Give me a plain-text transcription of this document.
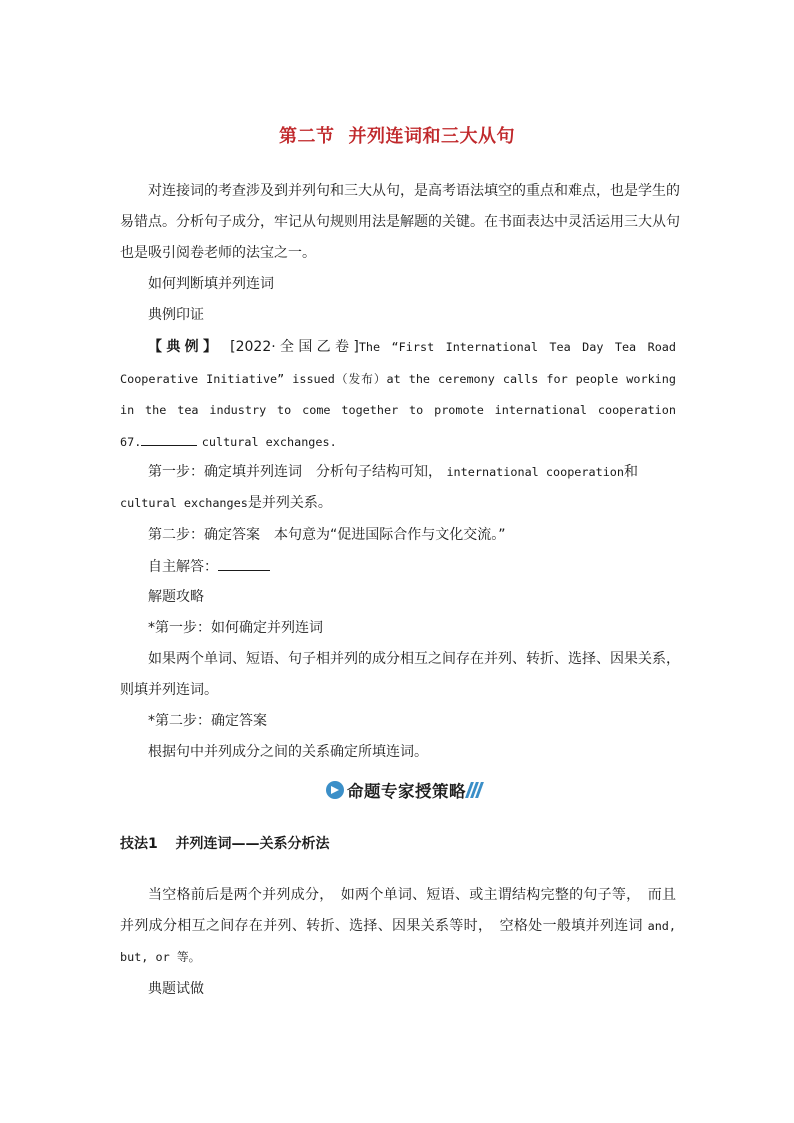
第二节 并列连词和三大从句
对连接词的考查涉及到并列句和三大从句，是高考语法填空的重点和难点，也是学生的
易错点。分析句子成分，牢记从句规则用法是解题的关键。在书面表达中灵活运用三大从句
也是吸引阅卷老师的法宝之一。
如何判断填并列连词
典例印证
【典例】 [2022·全国乙卷]The “First International Tea Day Tea Road
Cooperative Initiative” issued（发布）at the ceremony calls for people working
in the tea industry to come together to promote international cooperation
67.	cultural exchanges.
第一步：确定填并列连词　分析句子结构可知， international cooperation和
cultural exchanges是并列关系。
第二步：确定答案　本句意为“促进国际合作与文化交流。”
自主解答：
解题攻略
*第一步：如何确定并列连词
如果两个单词、短语、句子相并列的成分相互之间存在并列、转折、选择、因果关系，
则填并列连词。
*第二步：确定答案
根据句中并列成分之间的关系确定所填连词。
命题专家授策略
技法1 并列连词——关系分析法
当空格前后是两个并列成分，　如两个单词、短语、或主谓结构完整的句子等，　而且
并列成分相互之间存在并列、转折、选择、因果关系等时，　空格处一般填并列连词 and,
but, or 等。
典题试做
